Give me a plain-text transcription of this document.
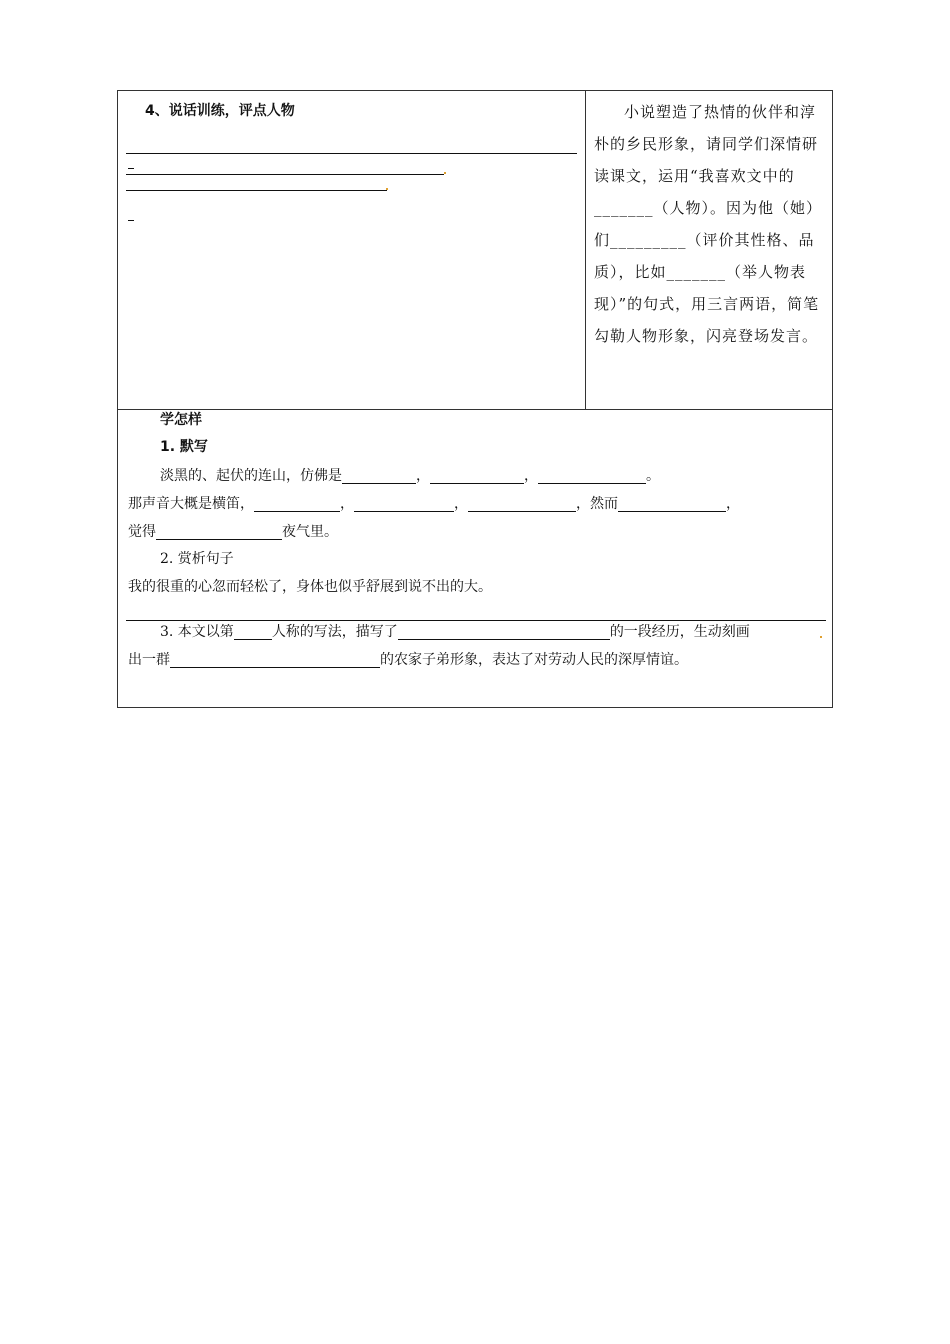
4、说话训练，评点人物	小说塑造了热情的伙伴和淳朴的乡民形象，请同学们深情研读课文，运用“我喜欢文中的_______（人物）。因为他（她）们_________（评价其性格、品质），比如_______（举人物表现）”的句式，用三言两语，简笔勾勒人物形象，闪亮登场发言。

学怎样
1. 默写
淡黑的、起伏的连山，仿佛是	，	，	。
那声音大概是横笛，	，	，	，然而	，
觉得	夜气里。
2. 赏析句子
我的很重的心忽而轻松了，身体也似乎舒展到说不出的大。
3. 本文以第	人称的写法，描写了	的一段经历，生动刻画
出一群	的农家子弟形象，表达了对劳动人民的深厚情谊。
